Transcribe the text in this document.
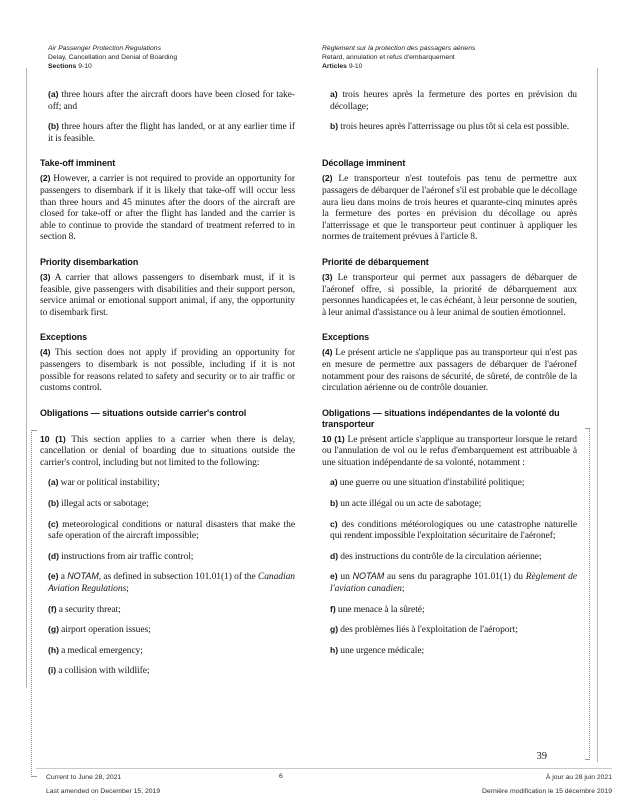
Air Passenger Protection Regulations
Delay, Cancellation and Denial of Boarding
Sections 9-10
Règlement sur la protection des passagers aériens
Retard, annulation et refus d'embarquement
Articles 9-10

(a) three hours after the aircraft doors have been closed for take-off; and

a) trois heures après la fermeture des portes en prévision du décollage;

(b) three hours after the flight has landed, or at any earlier time if it is feasible.

b) trois heures après l'atterrissage ou plus tôt si cela est possible.

Take-off imminent	Décollage imminent

(2) However, a carrier is not required to provide an opportunity for passengers to disembark if it is likely that take-off will occur less than three hours and 45 minutes after the doors of the aircraft are closed for take-off or after the flight has landed and the carrier is able to continue to provide the standard of treatment referred to in section 8.

(2) Le transporteur n'est toutefois pas tenu de permettre aux passagers de débarquer de l'aéronef s'il est probable que le décollage aura lieu dans moins de trois heures et quarante-cinq minutes après la fermeture des portes en prévision du décollage ou après l'atterrissage et que le transporteur peut continuer à appliquer les normes de traitement prévues à l'article 8.

Priority disembarkation	Priorité de débarquement

(3) A carrier that allows passengers to disembark must, if it is feasible, give passengers with disabilities and their support person, service animal or emotional support animal, if any, the opportunity to disembark first.

(3) Le transporteur qui permet aux passagers de débarquer de l'aéronef offre, si possible, la priorité de débarquement aux personnes handicapées et, le cas échéant, à leur personne de soutien, à leur animal d'assistance ou à leur animal de soutien émotionnel.

Exceptions	Exceptions

(4) This section does not apply if providing an opportunity for passengers to disembark is not possible, including if it is not possible for reasons related to safety and security or to air traffic or customs control.

(4) Le présent article ne s'applique pas au transporteur qui n'est pas en mesure de permettre aux passagers de débarquer de l'aéronef notamment pour des raisons de sécurité, de sûreté, de contrôle de la circulation aérienne ou de contrôle douanier.

Obligations — situations outside carrier's control	Obligations — situations indépendantes de la volonté du transporteur

10 (1) This section applies to a carrier when there is delay, cancellation or denial of boarding due to situations outside the carrier's control, including but not limited to the following:

10 (1) Le présent article s'applique au transporteur lorsque le retard ou l'annulation de vol ou le refus d'embarquement est attribuable à une situation indépendante de sa volonté, notamment :

(a) war or political instability;

(b) illegal acts or sabotage;

(c) meteorological conditions or natural disasters that make the safe operation of the aircraft impossible;

(d) instructions from air traffic control;

(e) a NOTAM, as defined in subsection 101.01(1) of the Canadian Aviation Regulations;

(f) a security threat;

(g) airport operation issues;

(h) a medical emergency;

(i) a collision with wildlife;

a) une guerre ou une situation d'instabilité politique;

b) un acte illégal ou un acte de sabotage;

c) des conditions météorologiques ou une catastrophe naturelle qui rendent impossible l'exploitation sécuritaire de l'aéronef;

d) des instructions du contrôle de la circulation aérienne;

e) un NOTAM au sens du paragraphe 101.01(1) du Règlement de l'aviation canadien;

f) une menace à la sûreté;

g) des problèmes liés à l'exploitation de l'aéroport;

h) une urgence médicale;

39
Current to June 28, 2021	6	À jour au 28 juin 2021
Last amended on December 15, 2019	Dernière modification le 15 décembre 2019
